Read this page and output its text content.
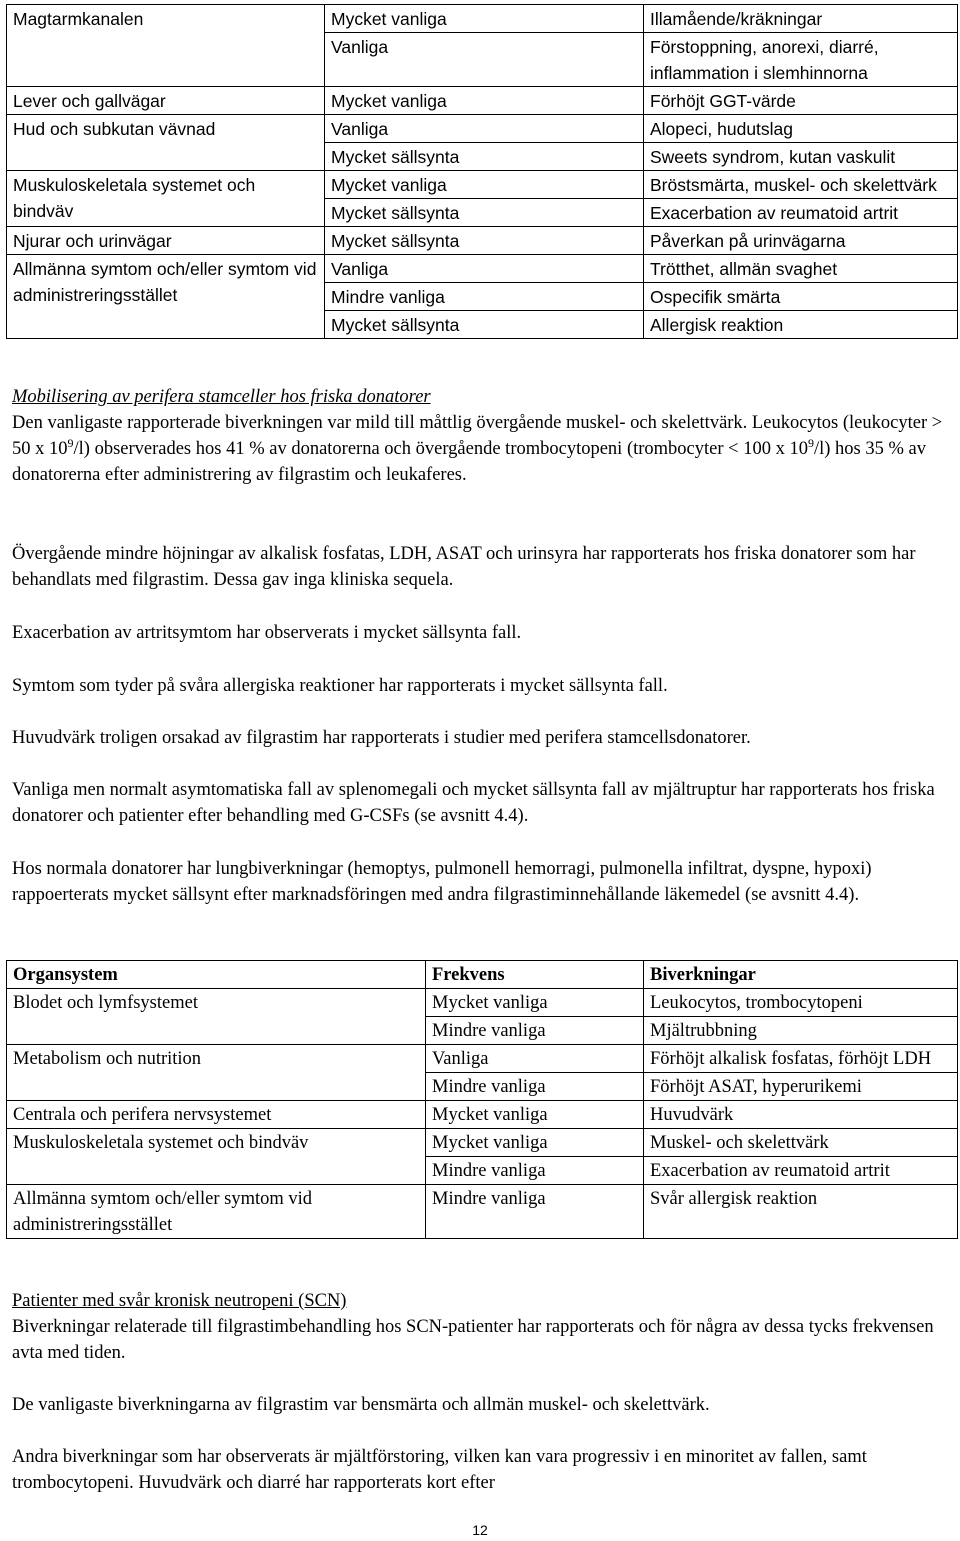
Magtarmkanalen	Mycket vanliga	Illamående/kräkningar
	Vanliga	Förstoppning, anorexi, diarré, inflammation i slemhinnorna
Lever och gallvägar	Mycket vanliga	Förhöjt GGT-värde
Hud och subkutan vävnad	Vanliga	Alopeci, hudutslag
	Mycket sällsynta	Sweets syndrom, kutan vaskulit
Muskuloskeletala systemet och bindväv	Mycket vanliga	Bröstsmärta, muskel- och skelettvärk
	Mycket sällsynta	Exacerbation av reumatoid artrit
Njurar och urinvägar	Mycket sällsynta	Påverkan på urinvägarna
Allmänna symtom och/eller symtom vid administreringsstället	Vanliga	Trötthet, allmän svaghet
	Mindre vanliga	Ospecifik smärta
	Mycket sällsynta	Allergisk reaktion

Mobilisering av perifera stamceller hos friska donatorer

Den vanligaste rapporterade biverkningen var mild till måttlig övergående muskel- och skelettvärk. Leukocytos (leukocyter > 50 x $10^9/l$) observerades hos 41 % av donatorerna och övergående trombocytopeni (trombocyter < 100 x $10^9/l$) hos 35 % av donatorerna efter administrering av filgrastim och leukaferes.

Övergående mindre höjningar av alkalisk fosfatas, LDH, ASAT och urinsyra har rapporterats hos friska donatorer som har behandlats med filgrastim. Dessa gav inga kliniska sequela.

Exacerbation av artritsymtom har observerats i mycket sällsynta fall.

Symtom som tyder på svåra allergiska reaktioner har rapporterats i mycket sällsynta fall.

Huvudvärk troligen orsakad av filgrastim har rapporterats i studier med perifera stamcellsdonatorer.

Vanliga men normalt asymtomatiska fall av splenomegali och mycket sällsynta fall av mjältruptur har rapporterats hos friska donatorer och patienter efter behandling med G-CSFs (se avsnitt 4.4).

Hos normala donatorer har lungbiverkningar (hemoptys, pulmonell hemorragi, pulmonella infiltrat, dyspne, hypoxi) rappoerterats mycket sällsynt efter marknadsföringen med andra filgrastiminnehållande läkemedel (se avsnitt 4.4).

Organsystem	Frekvens	Biverkningar
Blodet och lymfsystemet	Mycket vanliga	Leukocytos, trombocytopeni
	Mindre vanliga	Mjältrubbning
Metabolism och nutrition	Vanliga	Förhöjt alkalisk fosfatas, förhöjt LDH
	Mindre vanliga	Förhöjt ASAT, hyperurikemi
Centrala och perifera nervsystemet	Mycket vanliga	Huvudvärk
Muskuloskeletala systemet och bindväv	Mycket vanliga	Muskel- och skelettvärk
	Mindre vanliga	Exacerbation av reumatoid artrit
Allmänna symtom och/eller symtom vid administreringsstället	Mindre vanliga	Svår allergisk reaktion

Patienter med svår kronisk neutropeni (SCN)

Biverkningar relaterade till filgrastimbehandling hos SCN-patienter har rapporterats och för några av dessa tycks frekvensen avta med tiden.

De vanligaste biverkningarna av filgrastim var bensmärta och allmän muskel- och skelettvärk.

Andra biverkningar som har observerats är mjältförstoring, vilken kan vara progressiv i en minoritet av fallen, samt trombocytopeni. Huvudvärk och diarré har rapporterats kort efter

12
